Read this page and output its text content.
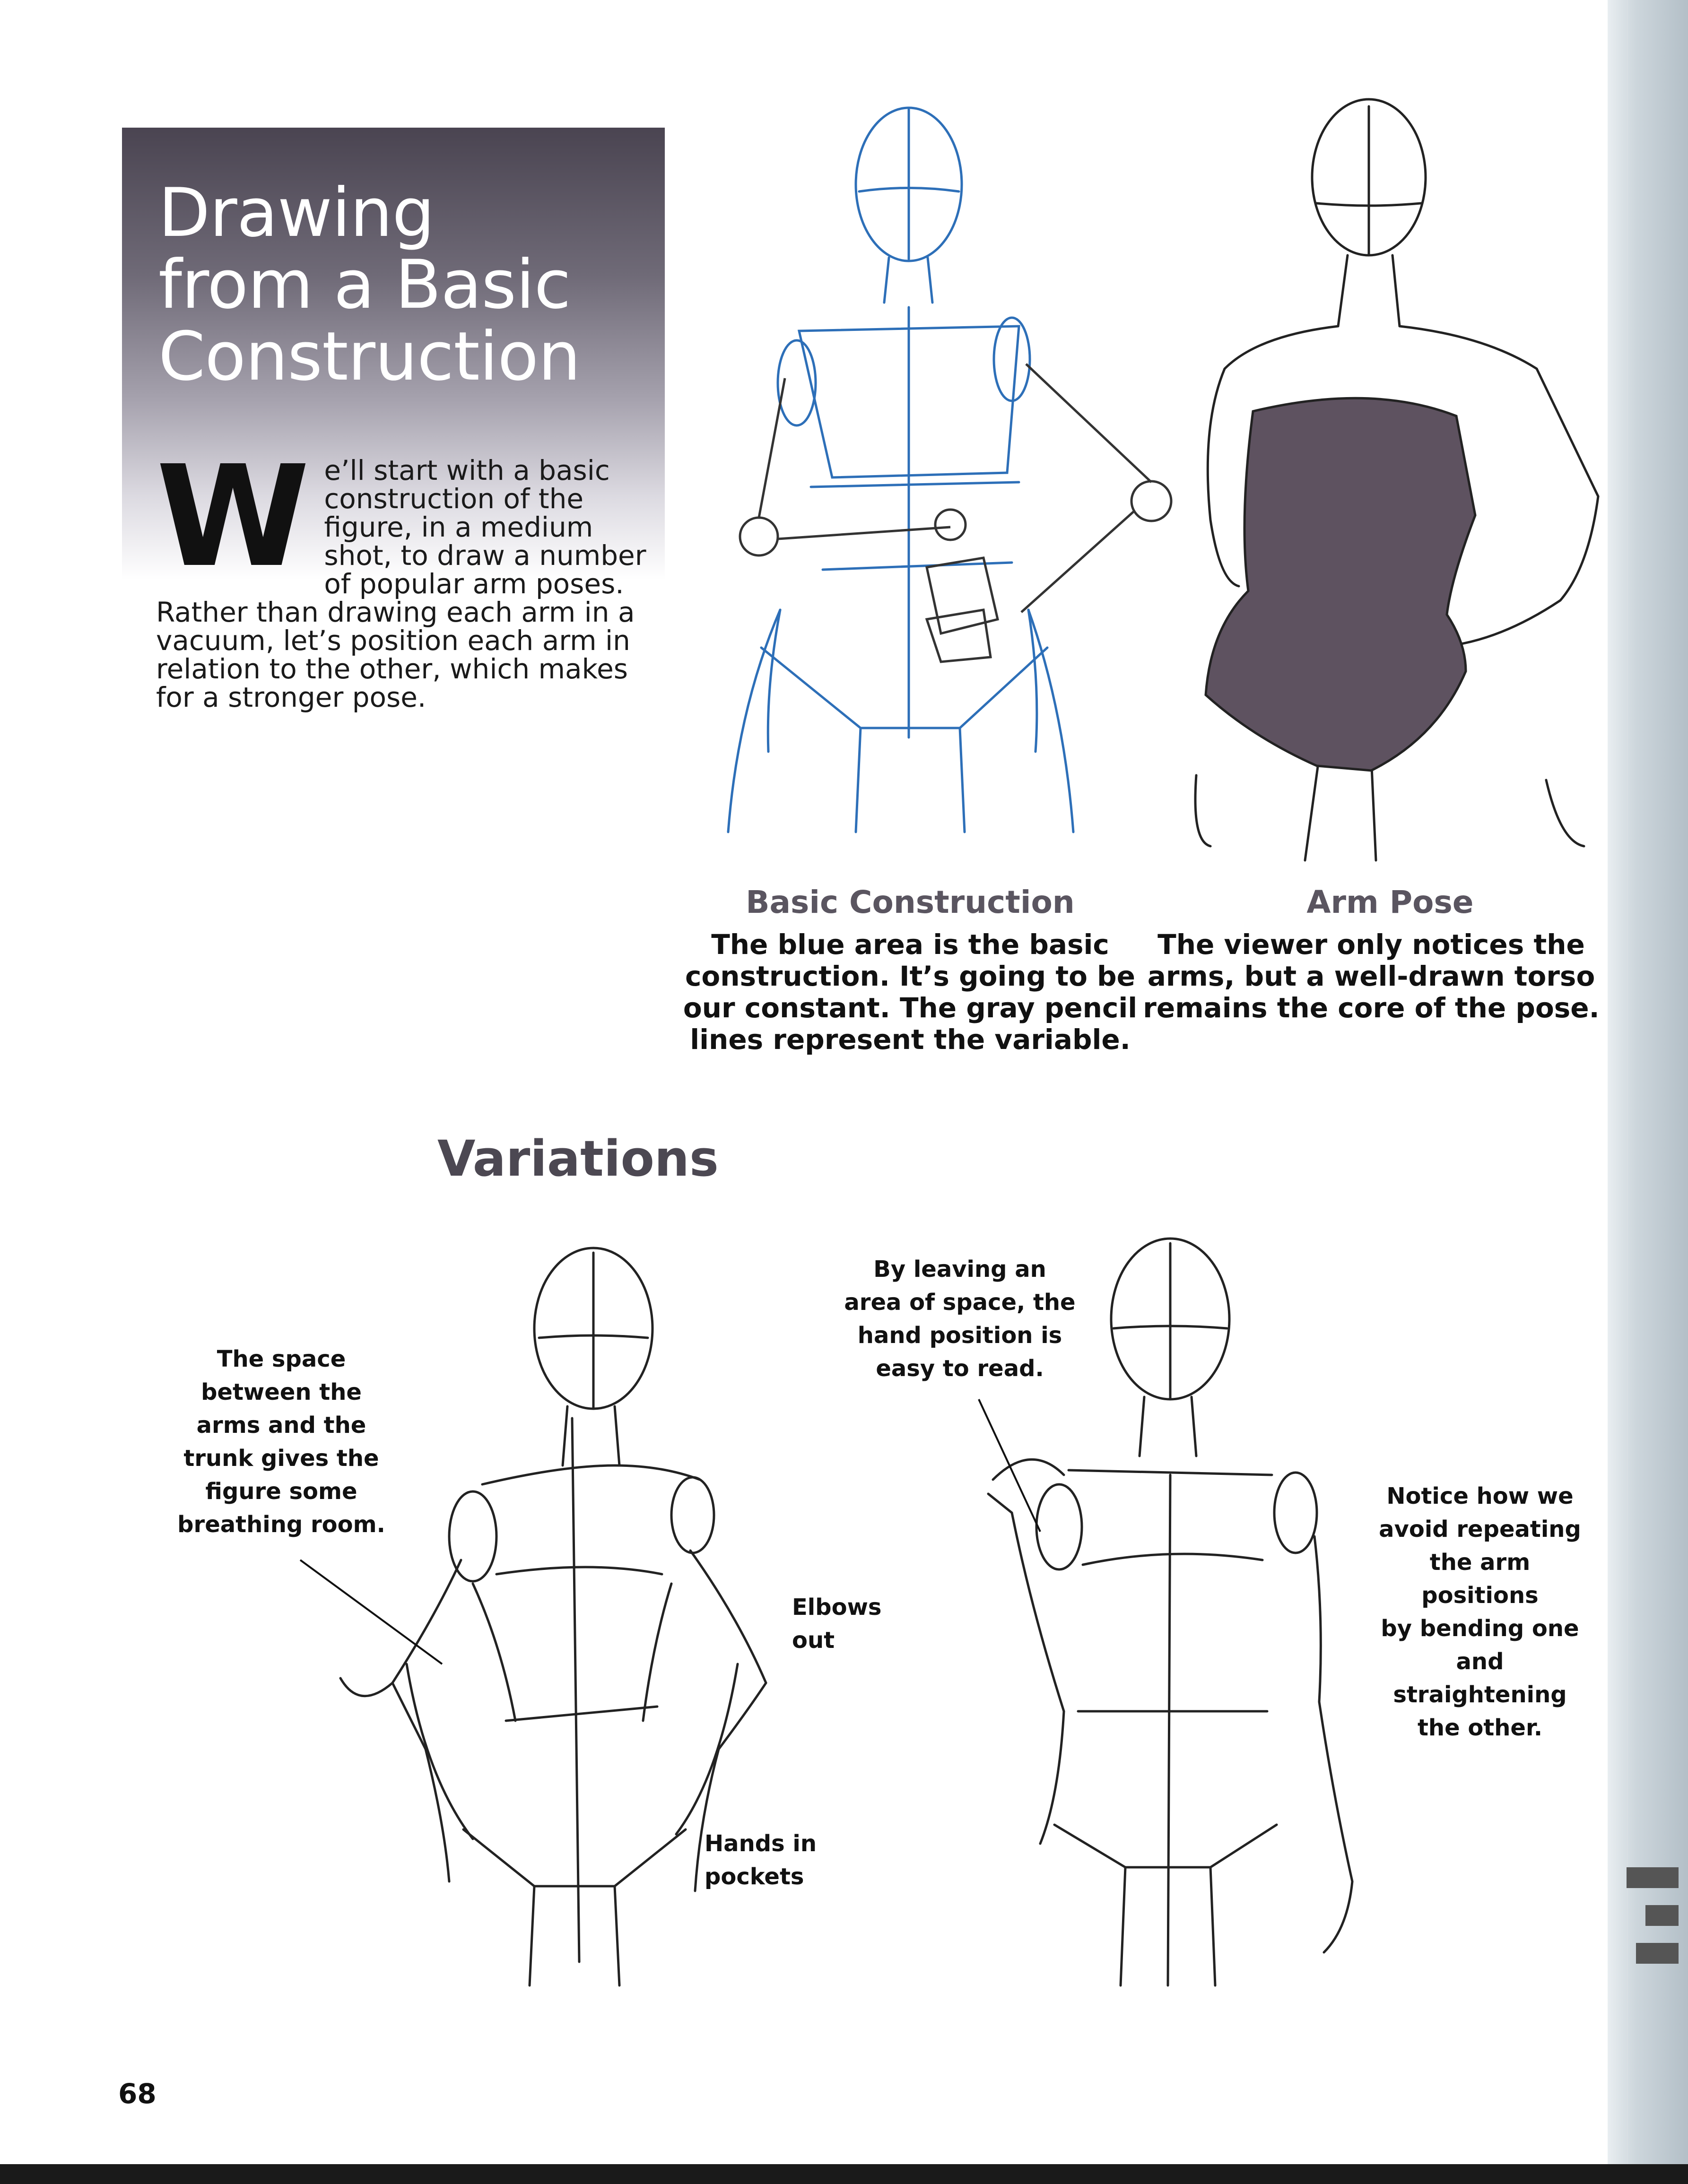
Drawing
from a Basic
Construction
We’ll start with a basic construction of the figure, in a medium shot, to draw a number of popular arm poses. Rather than drawing each arm in a vacuum, let’s position each arm in relation to the other, which makes for a stronger pose.
Basic Construction
The blue area is the basic
construction. It’s going to be
our constant. The gray pencil
lines represent the variable.
Arm Pose
The viewer only notices the
arms, but a well-drawn torso
remains the core of the pose.
Variations
The space
between the
arms and the
trunk gives the
figure some
breathing room.
Elbows
out
Hands in
pockets
By leaving an
area of space, the
hand position is
easy to read.
Notice how we
avoid repeating
the arm positions
by bending one
and straightening
the other.
68
